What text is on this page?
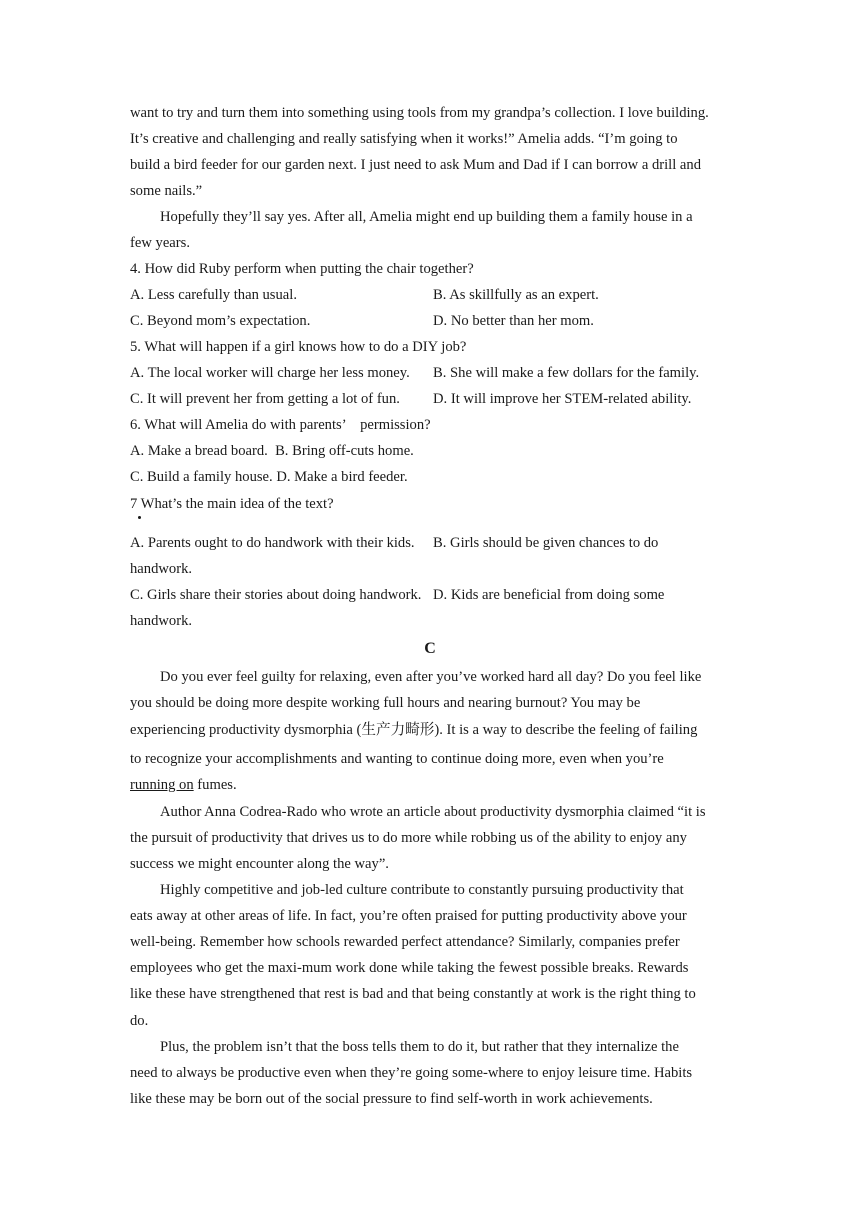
want to try and turn them into something using tools from my grandpa’s collection. I love building.
It’s creative and challenging and really satisfying when it works!” Amelia adds. “I’m going to
build a bird feeder for our garden next. I just need to ask Mum and Dad if I can borrow a drill and
some nails.”
Hopefully they’ll say yes. After all, Amelia might end up building them a family house in a
few years.
4. How did Ruby perform when putting the chair together?
A. Less carefully than usual.	B. As skillfully as an expert.
C. Beyond mom’s expectation.	D. No better than her mom.
5. What will happen if a girl knows how to do a DIY job?
A. The local worker will charge her less money. B. She will make a few dollars for the family.
C. It will prevent her from getting a lot of fun. D. It will improve her STEM-related ability.
6. What will Amelia do with parents’    permission?
A. Make a bread board.  B. Bring off-cuts home.
C. Build a family house. D. Make a bird feeder.
7 What’s the main idea of the text?
A. Parents ought to do handwork with their kids. B. Girls should be given chances to do
handwork.
C. Girls share their stories about doing handwork. D. Kids are beneficial from doing some
handwork.
C
Do you ever feel guilty for relaxing, even after you’ve worked hard all day? Do you feel like
you should be doing more despite working full hours and nearing burnout? You may be
experiencing productivity dysmorphia (生产力畸形). It is a way to describe the feeling of failing
to recognize your accomplishments and wanting to continue doing more, even when you’re
running on fumes.
Author Anna Codrea-Rado who wrote an article about productivity dysmorphia claimed “it is
the pursuit of productivity that drives us to do more while robbing us of the ability to enjoy any
success we might encounter along the way”.
Highly competitive and job-led culture contribute to constantly pursuing productivity that
eats away at other areas of life. In fact, you’re often praised for putting productivity above your
well-being. Remember how schools rewarded perfect attendance? Similarly, companies prefer
employees who get the maxi-mum work done while taking the fewest possible breaks. Rewards
like these have strengthened that rest is bad and that being constantly at work is the right thing to
do.
Plus, the problem isn’t that the boss tells them to do it, but rather that they internalize the
need to always be productive even when they’re going some-where to enjoy leisure time. Habits
like these may be born out of the social pressure to find self-worth in work achievements.
